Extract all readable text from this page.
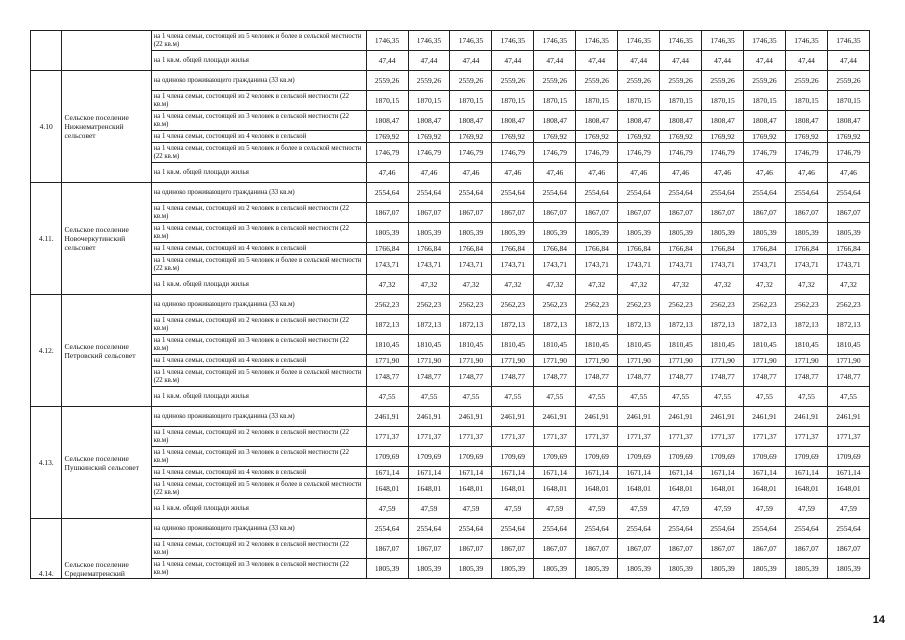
		на 1 члена семьи, состоящей из 5 человек и более в сельской местности (22 кв.м)	1746,35	1746,35	1746,35	1746,35	1746,35	1746,35	1746,35	1746,35	1746,35	1746,35	1746,35	1746,35
		на 1 кв.м. общей площади жилья	47,44	47,44	47,44	47,44	47,44	47,44	47,44	47,44	47,44	47,44	47,44	47,44
4.10	Сельское поселение Нижнематренский сельсовет	на одиноко проживающего гражданина (33 кв.м)	2559,26	2559,26	2559,26	2559,26	2559,26	2559,26	2559,26	2559,26	2559,26	2559,26	2559,26	2559,26
		на 1 члена семьи, состоящей из 2 человек в сельской местности (22 кв.м)	1870,15	1870,15	1870,15	1870,15	1870,15	1870,15	1870,15	1870,15	1870,15	1870,15	1870,15	1870,15
		на 1 члена семьи, состоящей из 3 человек в сельской местности (22 кв.м)	1808,47	1808,47	1808,47	1808,47	1808,47	1808,47	1808,47	1808,47	1808,47	1808,47	1808,47	1808,47
		на 1 члена семьи, состоящей из 4 человек в сельской	1769,92	1769,92	1769,92	1769,92	1769,92	1769,92	1769,92	1769,92	1769,92	1769,92	1769,92	1769,92
		на 1 члена семьи, состоящей из 5 человек и более в сельской местности (22 кв.м)	1746,79	1746,79	1746,79	1746,79	1746,79	1746,79	1746,79	1746,79	1746,79	1746,79	1746,79	1746,79
		на 1 кв.м. общей площади жилья	47,46	47,46	47,46	47,46	47,46	47,46	47,46	47,46	47,46	47,46	47,46	47,46
4.11.	Сельское поселение Новочеркутинский сельсовет	на одиноко проживающего гражданина (33 кв.м)	2554,64	2554,64	2554,64	2554,64	2554,64	2554,64	2554,64	2554,64	2554,64	2554,64	2554,64	2554,64
		на 1 члена семьи, состоящей из 2 человек в сельской местности (22 кв.м)	1867,07	1867,07	1867,07	1867,07	1867,07	1867,07	1867,07	1867,07	1867,07	1867,07	1867,07	1867,07
		на 1 члена семьи, состоящей из 3 человек в сельской местности (22 кв.м)	1805,39	1805,39	1805,39	1805,39	1805,39	1805,39	1805,39	1805,39	1805,39	1805,39	1805,39	1805,39
		на 1 члена семьи, состоящей из 4 человек в сельской	1766,84	1766,84	1766,84	1766,84	1766,84	1766,84	1766,84	1766,84	1766,84	1766,84	1766,84	1766,84
		на 1 члена семьи, состоящей из 5 человек и более в сельской местности (22 кв.м)	1743,71	1743,71	1743,71	1743,71	1743,71	1743,71	1743,71	1743,71	1743,71	1743,71	1743,71	1743,71
		на 1 кв.м. общей площади жилья	47,32	47,32	47,32	47,32	47,32	47,32	47,32	47,32	47,32	47,32	47,32	47,32
4.12.	Сельское поселение Петровский сельсовет	на одиноко проживающего гражданина (33 кв.м)	2562,23	2562,23	2562,23	2562,23	2562,23	2562,23	2562,23	2562,23	2562,23	2562,23	2562,23	2562,23
		на 1 члена семьи, состоящей из 2 человек в сельской местности (22 кв.м)	1872,13	1872,13	1872,13	1872,13	1872,13	1872,13	1872,13	1872,13	1872,13	1872,13	1872,13	1872,13
		на 1 члена семьи, состоящей из 3 человек в сельской местности (22 кв.м)	1810,45	1810,45	1810,45	1810,45	1810,45	1810,45	1810,45	1810,45	1810,45	1810,45	1810,45	1810,45
		на 1 члена семьи, состоящей из 4 человек в сельской	1771,90	1771,90	1771,90	1771,90	1771,90	1771,90	1771,90	1771,90	1771,90	1771,90	1771,90	1771,90
		на 1 члена семьи, состоящей из 5 человек и более в сельской местности (22 кв.м)	1748,77	1748,77	1748,77	1748,77	1748,77	1748,77	1748,77	1748,77	1748,77	1748,77	1748,77	1748,77
		на 1 кв.м. общей площади жилья	47,55	47,55	47,55	47,55	47,55	47,55	47,55	47,55	47,55	47,55	47,55	47,55
4.13.	Сельское поселение Пушкинский сельсовет	на одиноко проживающего гражданина (33 кв.м)	2461,91	2461,91	2461,91	2461,91	2461,91	2461,91	2461,91	2461,91	2461,91	2461,91	2461,91	2461,91
		на 1 члена семьи, состоящей из 2 человек в сельской местности (22 кв.м)	1771,37	1771,37	1771,37	1771,37	1771,37	1771,37	1771,37	1771,37	1771,37	1771,37	1771,37	1771,37
		на 1 члена семьи, состоящей из 3 человек в сельской местности (22 кв.м)	1709,69	1709,69	1709,69	1709,69	1709,69	1709,69	1709,69	1709,69	1709,69	1709,69	1709,69	1709,69
		на 1 члена семьи, состоящей из 4 человек в сельской	1671,14	1671,14	1671,14	1671,14	1671,14	1671,14	1671,14	1671,14	1671,14	1671,14	1671,14	1671,14
		на 1 члена семьи, состоящей из 5 человек и более в сельской местности (22 кв.м)	1648,01	1648,01	1648,01	1648,01	1648,01	1648,01	1648,01	1648,01	1648,01	1648,01	1648,01	1648,01
		на 1 кв.м. общей площади жилья	47,59	47,59	47,59	47,59	47,59	47,59	47,59	47,59	47,59	47,59	47,59	47,59
4.14.	Сельское поселение Среднематренский	на одиноко проживающего гражданина (33 кв.м)	2554,64	2554,64	2554,64	2554,64	2554,64	2554,64	2554,64	2554,64	2554,64	2554,64	2554,64	2554,64
		на 1 члена семьи, состоящей из 2 человек в сельской местности (22 кв.м)	1867,07	1867,07	1867,07	1867,07	1867,07	1867,07	1867,07	1867,07	1867,07	1867,07	1867,07	1867,07
		на 1 члена семьи, состоящей из 3 человек в сельской местности (22 кв.м)	1805,39	1805,39	1805,39	1805,39	1805,39	1805,39	1805,39	1805,39	1805,39	1805,39	1805,39	1805,39
14
